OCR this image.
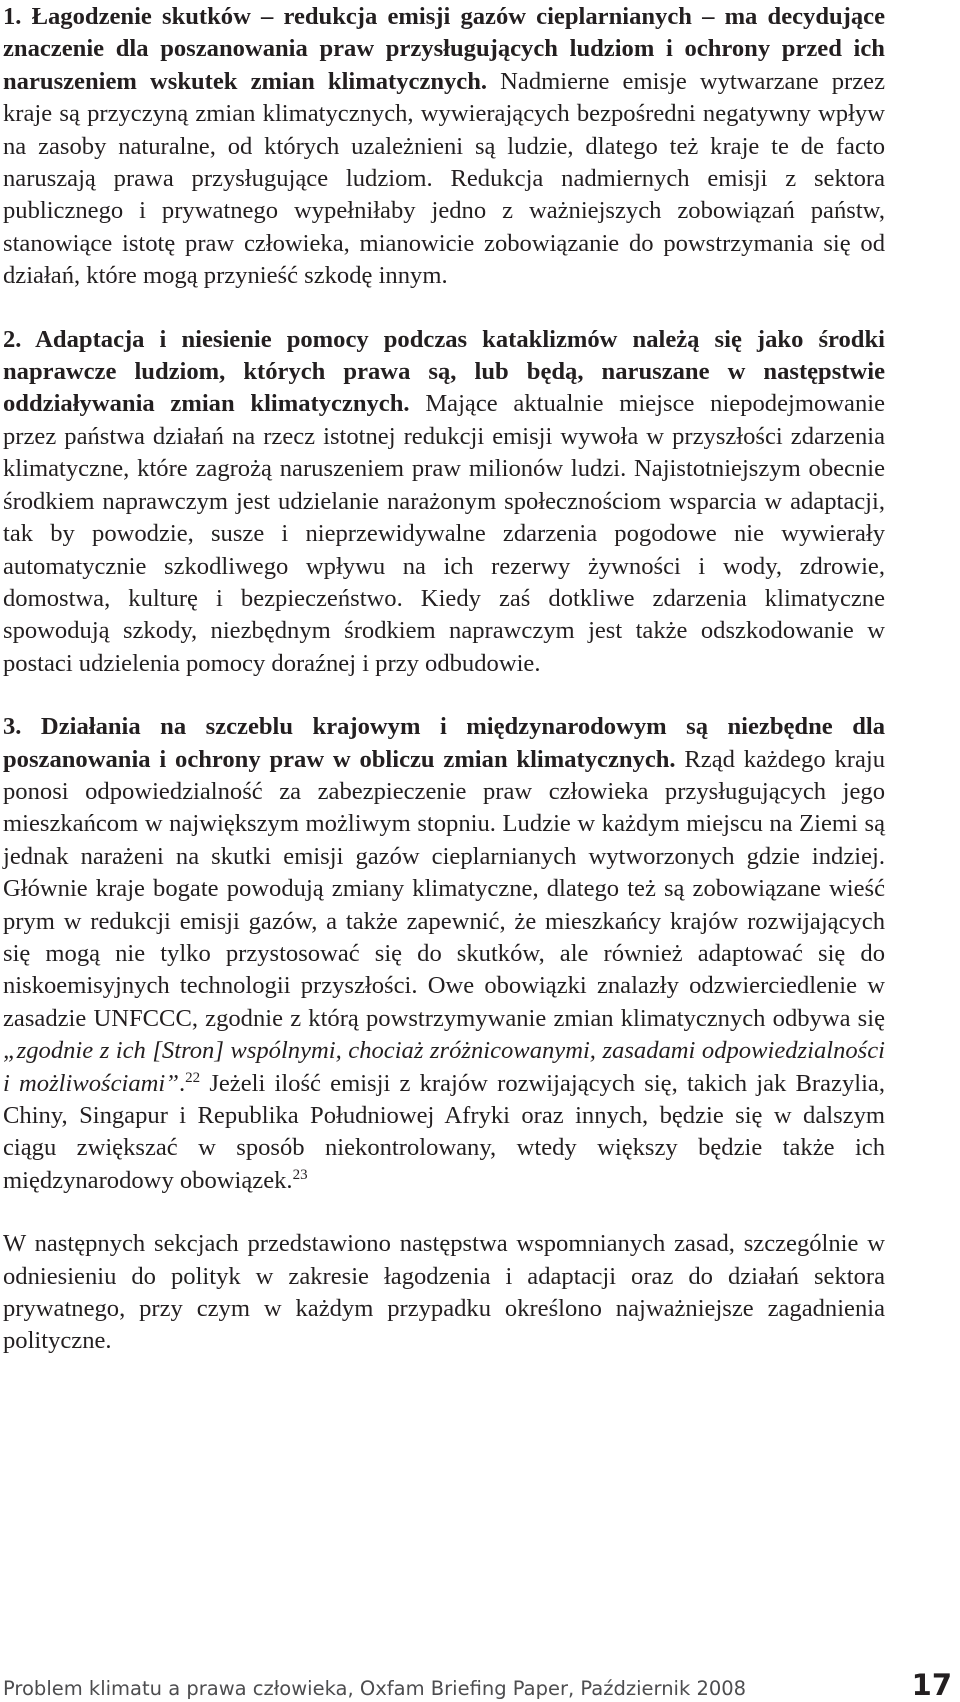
1. Łagodzenie skutków – redukcja emisji gazów cieplarnianych – ma decydujące znaczenie dla poszanowania praw przysługujących ludziom i ochrony przed ich naruszeniem wskutek zmian klimatycznych. Nadmierne emisje wytwarzane przez kraje są przyczyną zmian klimatycznych, wywierających bezpośredni negatywny wpływ na zasoby naturalne, od których uzależnieni są ludzie, dlatego też kraje te de facto naruszają prawa przysługujące ludziom. Redukcja nadmiernych emisji z sektora publicznego i prywatnego wypełniłaby jedno z ważniejszych zobowiązań państw, stanowiące istotę praw człowieka, mianowicie zobowiązanie do powstrzymania się od działań, które mogą przynieść szkodę innym.

2. Adaptacja i niesienie pomocy podczas kataklizmów należą się jako środki naprawcze ludziom, których prawa są, lub będą, naruszane w następstwie oddziaływania zmian klimatycznych. Mające aktualnie miejsce niepodejmowanie przez państwa działań na rzecz istotnej redukcji emisji wywoła w przyszłości zdarzenia klimatyczne, które zagrożą naruszeniem praw milionów ludzi. Najistotniejszym obecnie środkiem naprawczym jest udzielanie narażonym społecznościom wsparcia w adaptacji, tak by powodzie, susze i nieprzewidywalne zdarzenia pogodowe nie wywierały automatycznie szkodliwego wpływu na ich rezerwy żywności i wody, zdrowie, domostwa, kulturę i bezpieczeństwo. Kiedy zaś dotkliwe zdarzenia klimatyczne spowodują szkody, niezbędnym środkiem naprawczym jest także odszkodowanie w postaci udzielenia pomocy doraźnej i przy odbudowie.

3. Działania na szczeblu krajowym i międzynarodowym są niezbędne dla poszanowania i ochrony praw w obliczu zmian klimatycznych. Rząd każdego kraju ponosi odpowiedzialność za zabezpieczenie praw człowieka przysługujących jego mieszkańcom w największym możliwym stopniu. Ludzie w każdym miejscu na Ziemi są jednak narażeni na skutki emisji gazów cieplarnianych wytworzonych gdzie indziej. Głównie kraje bogate powodują zmiany klimatyczne, dlatego też są zobowiązane wieść prym w redukcji emisji gazów, a także zapewnić, że mieszkańcy krajów rozwijających się mogą nie tylko przystosować się do skutków, ale również adaptować się do niskoemisyjnych technologii przyszłości. Owe obowiązki znalazły odzwierciedlenie w zasadzie UNFCCC, zgodnie z którą powstrzymywanie zmian klimatycznych odbywa się „zgodnie z ich [Stron] wspólnymi, chociaż zróżnicowanymi, zasadami odpowiedzialności i możliwościami”.$^{22}$ Jeżeli ilość emisji z krajów rozwijających się, takich jak Brazylia, Chiny, Singapur i Republika Południowej Afryki oraz innych, będzie się w dalszym ciągu zwiększać w sposób niekontrolowany, wtedy większy będzie także ich międzynarodowy obowiązek.$^{23}$

W następnych sekcjach przedstawiono następstwa wspomnianych zasad, szczególnie w odniesieniu do polityk w zakresie łagodzenia i adaptacji oraz do działań sektora prywatnego, przy czym w każdym przypadku określono najważniejsze zagadnienia polityczne.

Problem klimatu a prawa człowieka, Oxfam Briefing Paper, Październik 2008	17
